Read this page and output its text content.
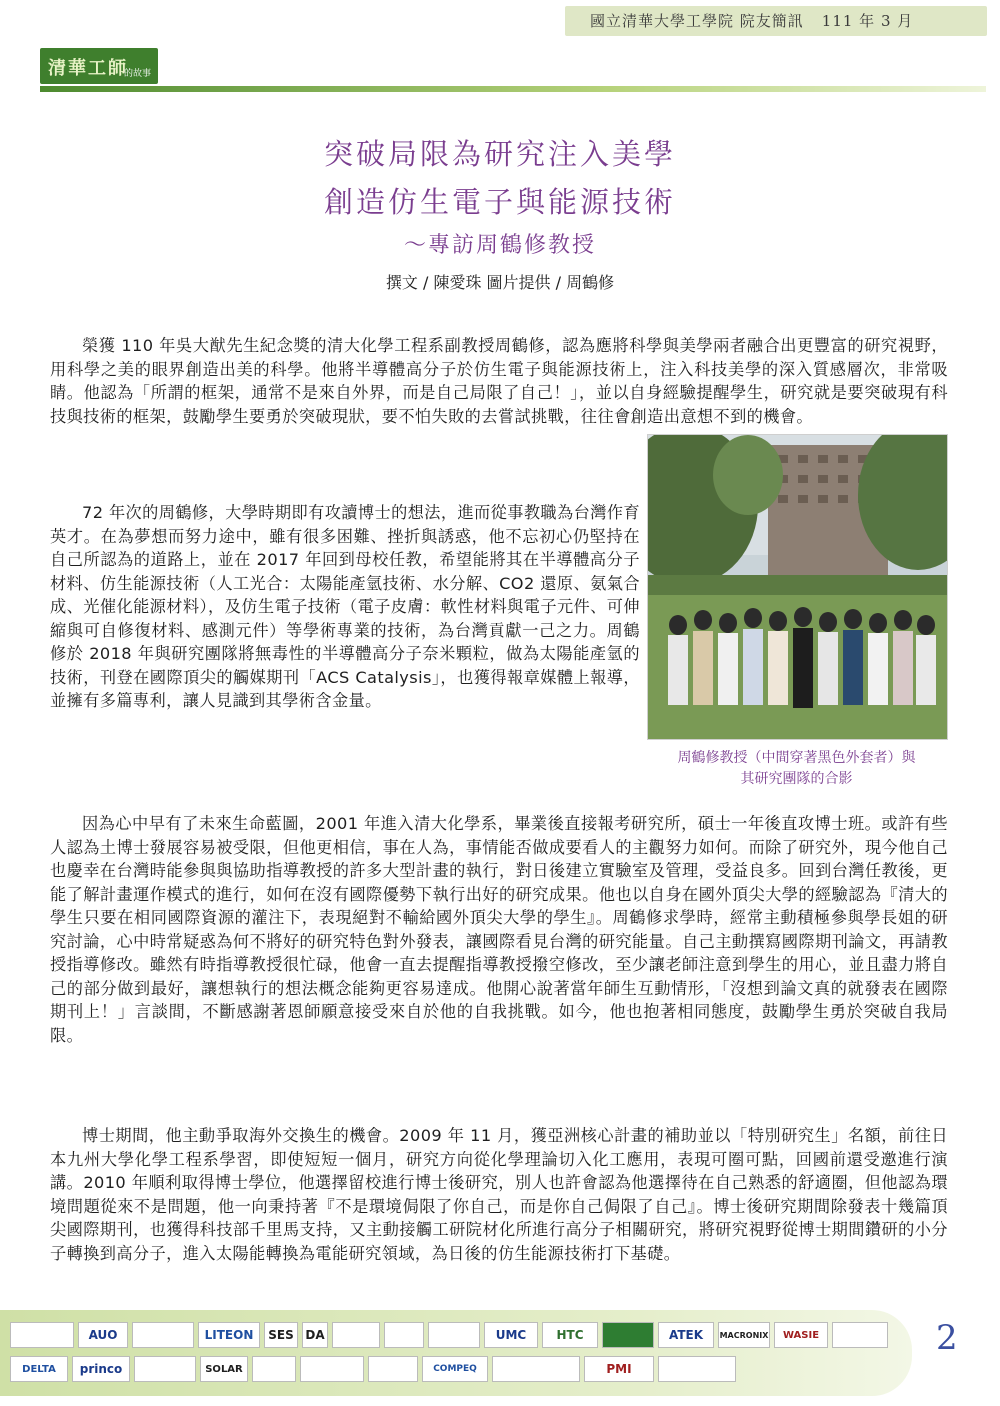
國立清華大學工學院 院友簡訊 111 年 3 月
清華工師
的故事
突破局限為研究注入美學
創造仿生電子與能源技術
～專訪周鶴修教授
撰文 / 陳愛珠 圖片提供 / 周鶴修

榮獲 110 年吳大猷先生紀念獎的清大化學工程系副教授周鶴修，認為應將科學與美學兩者融合出更豐富的研究視野，用科學之美的眼界創造出美的科學。他將半導體高分子於仿生電子與能源技術上，注入科技美學的深入質感層次，非常吸睛。他認為「所謂的框架，通常不是來自外界，而是自己局限了自己！」，並以自身經驗提醒學生，研究就是要突破現有科技與技術的框架，鼓勵學生要勇於突破現狀，要不怕失敗的去嘗試挑戰，往往會創造出意想不到的機會。

72 年次的周鶴修，大學時期即有攻讀博士的想法，進而從事教職為台灣作育英才。在為夢想而努力途中，雖有很多困難、挫折與誘惑，他不忘初心仍堅持在自己所認為的道路上，並在 2017 年回到母校任教，希望能將其在半導體高分子材料、仿生能源技術（人工光合：太陽能產氫技術、水分解、CO2 還原、氨氣合成、光催化能源材料），及仿生電子技術（電子皮膚：軟性材料與電子元件、可伸縮與可自修復材料、感測元件）等學術專業的技術，為台灣貢獻一己之力。周鶴修於 2018 年與研究團隊將無毒性的半導體高分子奈米顆粒，做為太陽能產氫的技術，刊登在國際頂尖的觸媒期刊「ACS Catalysis」，也獲得報章媒體上報導，並擁有多篇專利，讓人見識到其學術含金量。

因為心中早有了未來生命藍圖，2001 年進入清大化學系，畢業後直接報考研究所，碩士一年後直攻博士班。或許有些人認為土博士發展容易被受限，但他更相信，事在人為，事情能否做成要看人的主觀努力如何。而除了研究外，現今他自己也慶幸在台灣時能參與與協助指導教授的許多大型計畫的執行，對日後建立實驗室及管理，受益良多。回到台灣任教後，更能了解計畫運作模式的進行，如何在沒有國際優勢下執行出好的研究成果。他也以自身在國外頂尖大學的經驗認為『清大的學生只要在相同國際資源的灌注下，表現絕對不輸給國外頂尖大學的學生』。周鶴修求學時，經常主動積極參與學長姐的研究討論，心中時常疑惑為何不將好的研究特色對外發表，讓國際看見台灣的研究能量。自己主動撰寫國際期刊論文，再請教授指導修改。雖然有時指導教授很忙碌，他會一直去提醒指導教授撥空修改，至少讓老師注意到學生的用心，並且盡力將自己的部分做到最好，讓想執行的想法概念能夠更容易達成。他開心說著當年師生互動情形，「沒想到論文真的就發表在國際期刊上！」言談間，不斷感謝著恩師願意接受來自於他的自我挑戰。如今，他也抱著相同態度，鼓勵學生勇於突破自我局限。

博士期間，他主動爭取海外交換生的機會。2009 年 11 月，獲亞洲核心計畫的補助並以「特別研究生」名額，前往日本九州大學化學工程系學習，即使短短一個月，研究方向從化學理論切入化工應用，表現可圈可點，回國前還受邀進行演講。2010 年順利取得博士學位，他選擇留校進行博士後研究，別人也許會認為他選擇待在自己熟悉的舒適圈，但他認為環境問題從來不是問題，他一向秉持著『不是環境侷限了你自己，而是你自己侷限了自己』。博士後研究期間除發表十幾篇頂尖國際期刊，也獲得科技部千里馬支持，又主動接觸工研院材化所進行高分子相關研究，將研究視野從博士期間鑽研的小分子轉換到高分子，進入太陽能轉換為電能研究領域，為日後的仿生能源技術打下基礎。

周鶴修教授（中間穿著黑色外套者）與
其研究團隊的合影
AUO	LITEON	SES DA	UMC	HTC	ATEK	MACRONIX	WASIE
DELTA	princo	SOLAR	COMPEQ	PMI
2
